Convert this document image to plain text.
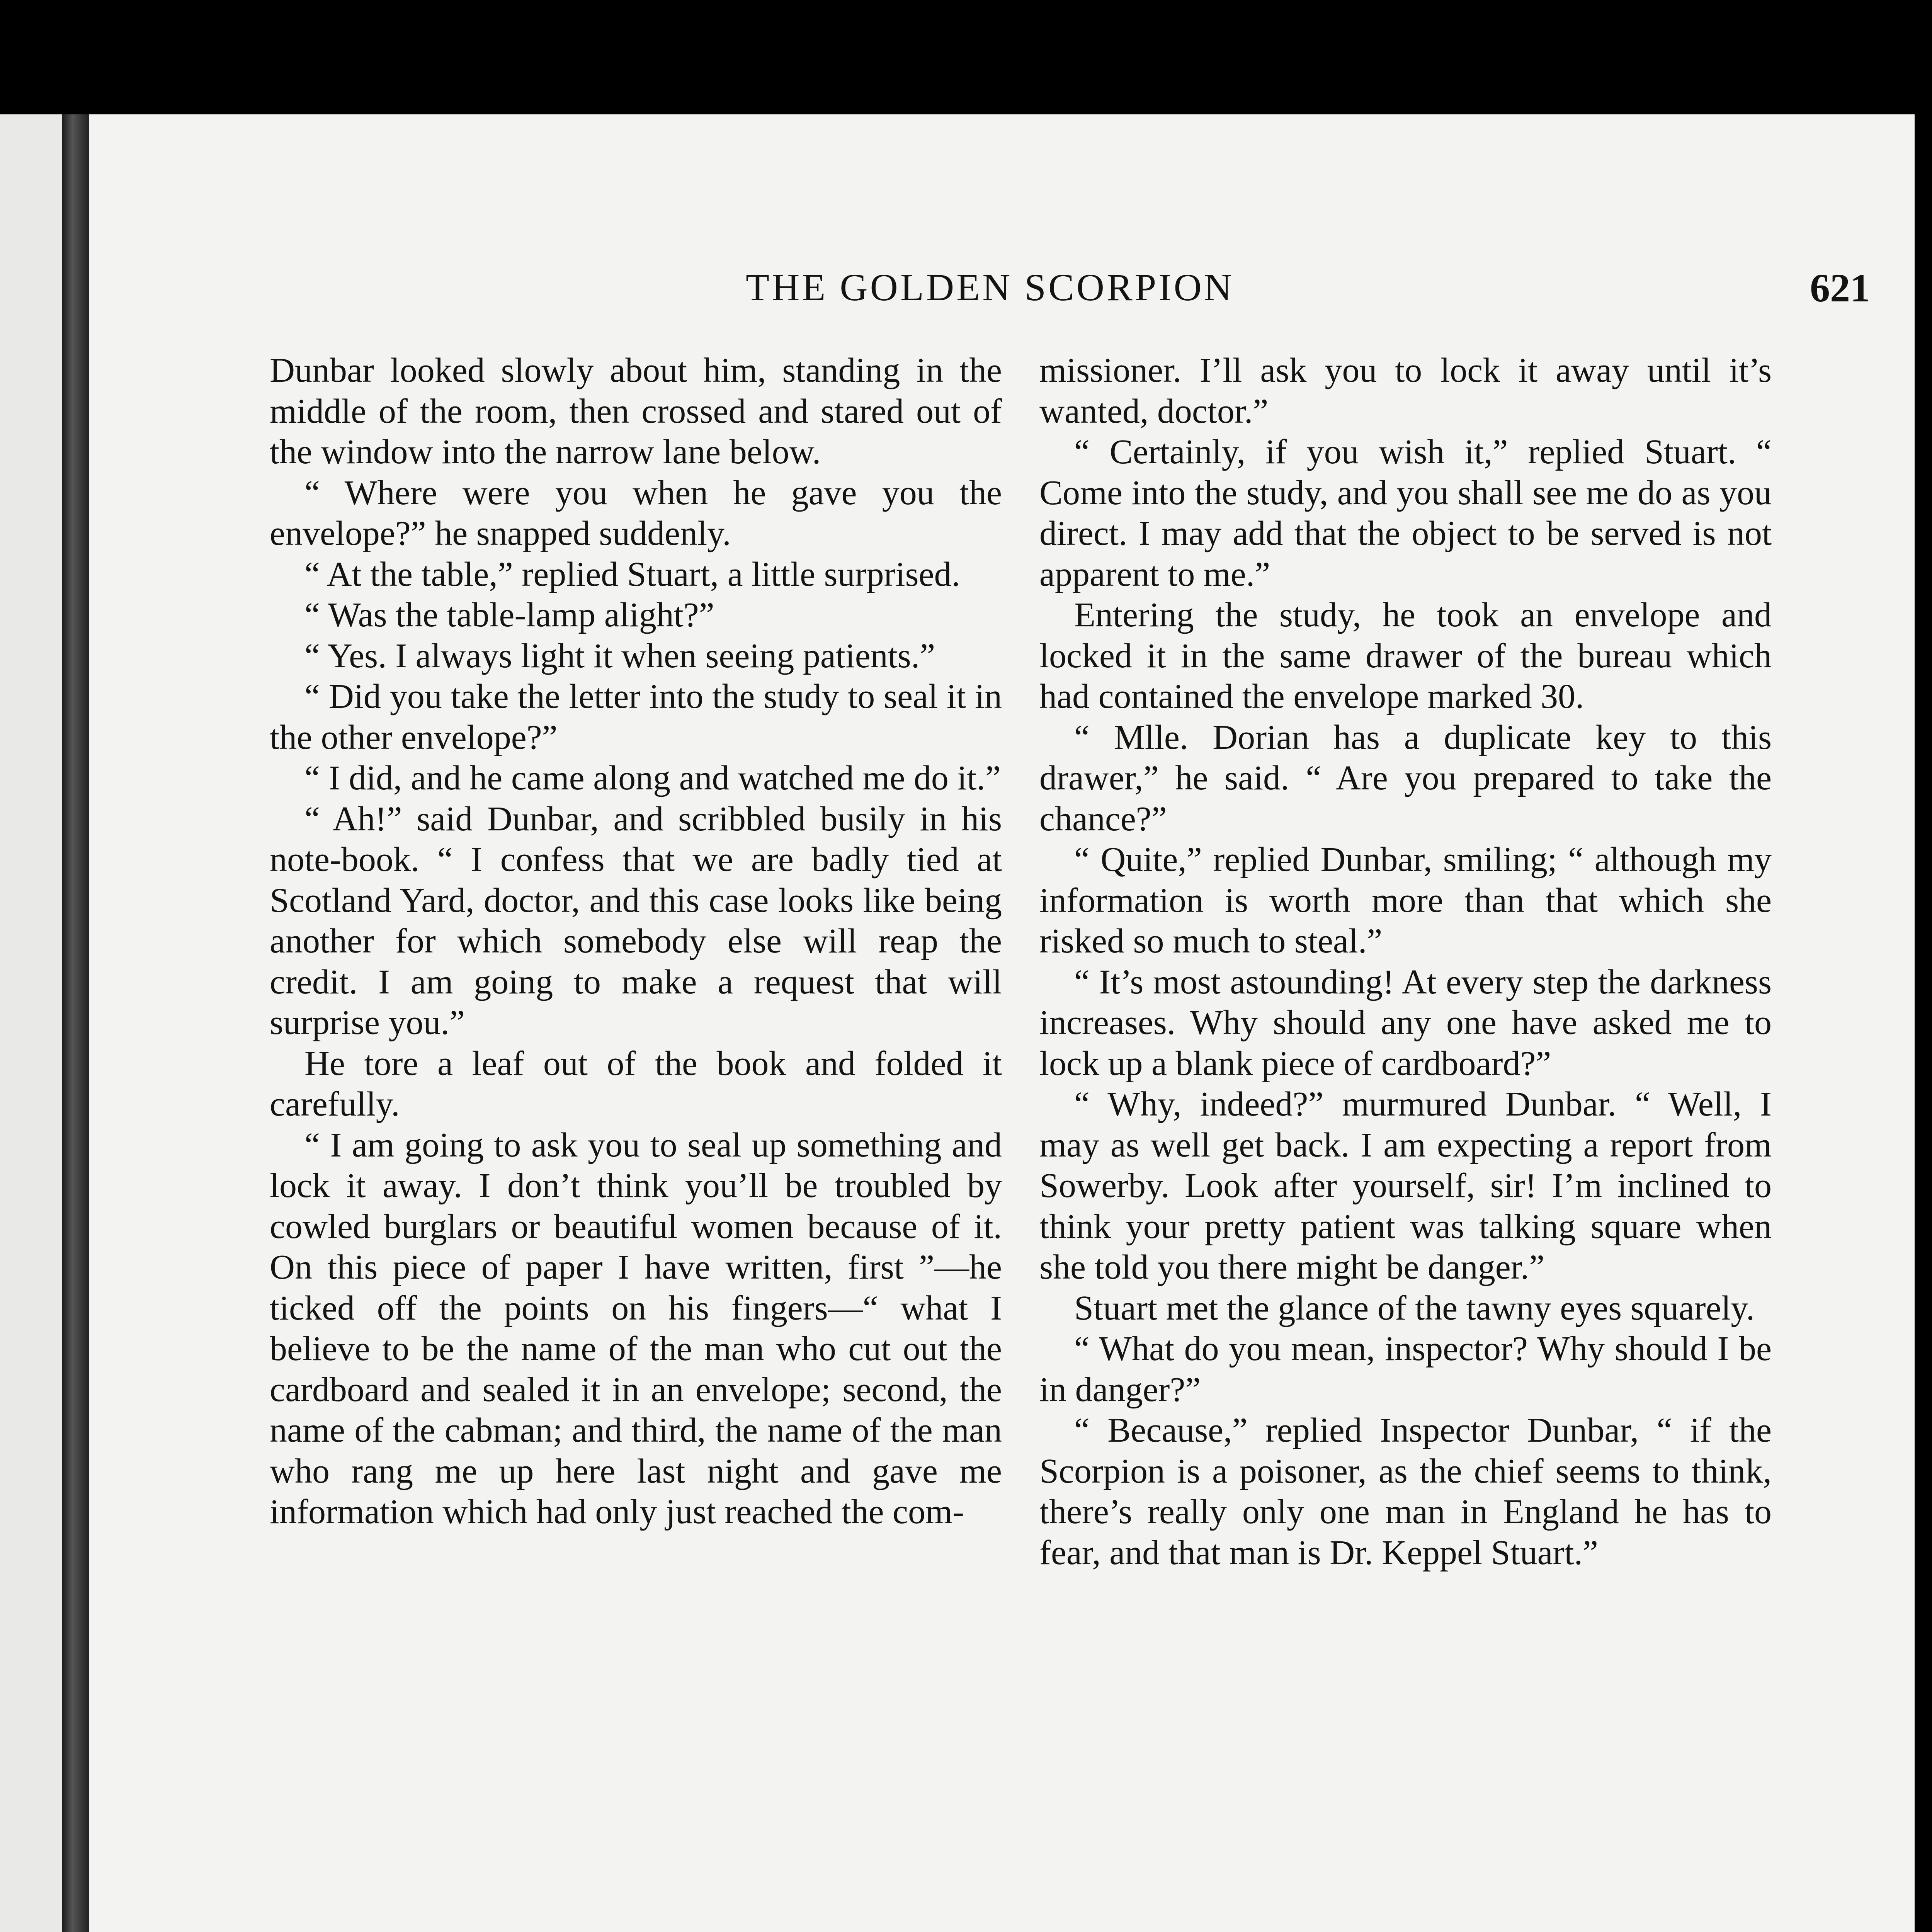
THE GOLDEN SCORPION	621

Dunbar looked slowly about him, standing in the middle of the room, then crossed and stared out of the window into the narrow lane below.

“ Where were you when he gave you the envelope?” he snapped suddenly.

“ At the table,” replied Stuart, a little surprised.

“ Was the table-lamp alight?”

“ Yes. I always light it when seeing patients.”

“ Did you take the letter into the study to seal it in the other envelope?”

“ I did, and he came along and watched me do it.”

“ Ah!” said Dunbar, and scribbled busily in his note-book. “ I confess that we are badly tied at Scotland Yard, doctor, and this case looks like being another for which somebody else will reap the credit. I am going to make a request that will surprise you.”

He tore a leaf out of the book and folded it carefully.

“ I am going to ask you to seal up something and lock it away. I don’t think you’ll be troubled by cowled burglars or beautiful women because of it. On this piece of paper I have written, first ”—he ticked off the points on his fingers—“ what I believe to be the name of the man who cut out the cardboard and sealed it in an envelope; second, the name of the cabman; and third, the name of the man who rang me up here last night and gave me information which had only just reached the com-

missioner. I’ll ask you to lock it away until it’s wanted, doctor.”

“ Certainly, if you wish it,” replied Stuart. “ Come into the study, and you shall see me do as you direct. I may add that the object to be served is not apparent to me.”

Entering the study, he took an envelope and locked it in the same drawer of the bureau which had contained the envelope marked 30.

“ Mlle. Dorian has a duplicate key to this drawer,” he said. “ Are you prepared to take the chance?”

“ Quite,” replied Dunbar, smiling; “ although my information is worth more than that which she risked so much to steal.”

“ It’s most astounding! At every step the darkness increases. Why should any one have asked me to lock up a blank piece of cardboard?”

“ Why, indeed?” murmured Dunbar. “ Well, I may as well get back. I am expecting a report from Sowerby. Look after yourself, sir! I’m inclined to think your pretty patient was talking square when she told you there might be danger.”

Stuart met the glance of the tawny eyes squarely.

“ What do you mean, inspector? Why should I be in danger?”

“ Because,” replied Inspector Dunbar, “ if the Scorpion is a poisoner, as the chief seems to think, there’s really only one man in England he has to fear, and that man is Dr. Keppel Stuart.”
